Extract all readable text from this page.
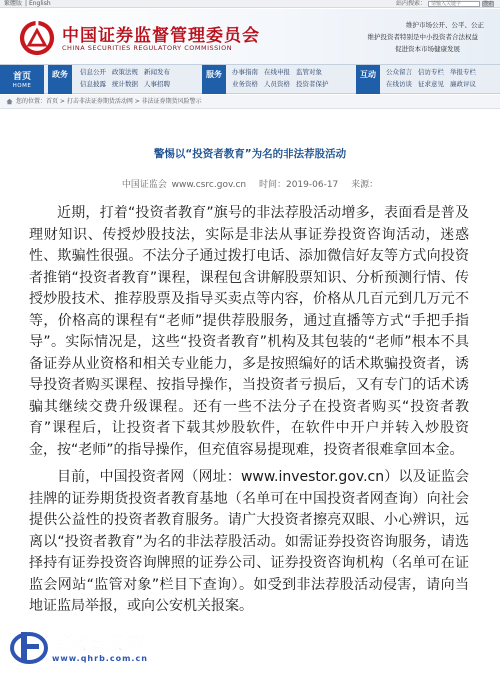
繁體版 | English	站内搜索：	请输入关键字	搜索
中国证券监督管理委员会
CHINA SECURITIES REGULATORY COMMISSION
维护市场公开、公平、公正
维护投资者特别是中小投资者合法权益
促进资本市场健康发展
首页
HOME
政务	信息公开 政策法规 新闻发布
信息披露 统计数据 人事招聘
服务	办事指南 在线申报 监管对象
业务资格 人员资格 投资者保护
互动	公众留言 信访专栏 举报专栏
在线访谈 征求意见 廉政评议
您的位置：首页 > 打击非法证券期货活动网 > 非法证券期货风险警示
警惕以“投资者教育”为名的非法荐股活动
中国证监会 www.csrc.gov.cn 时间：2019-06-17 来源：

近期，打着“投资者教育”旗号的非法荐股活动增多，表面看是普及理财知识、传授炒股技法，实际是非法从事证券投资咨询活动，迷惑性、欺骗性很强。不法分子通过拨打电话、添加微信好友等方式向投资者推销“投资者教育”课程，课程包含讲解股票知识、分析预测行情、传授炒股技术、推荐股票及指导买卖点等内容，价格从几百元到几万元不等，价格高的课程有“老师”提供荐股服务，通过直播等方式“手把手指导”。实际情况是，这些“投资者教育”机构及其包装的“老师”根本不具备证券从业资格和相关专业能力，多是按照编好的话术欺骗投资者，诱导投资者购买课程、按指导操作，当投资者亏损后，又有专门的话术诱骗其继续交费升级课程。还有一些不法分子在投资者购买“投资者教育”课程后，让投资者下载其炒股软件，在软件中开户并转入炒股资金，按“老师”的指导操作，但充值容易提现难，投资者很难拿回本金。

目前，中国投资者网（网址：www.investor.gov.cn）以及证监会挂牌的证券期货投资者教育基地（名单可在中国投资者网查询）向社会提供公益性的投资者教育服务。请广大投资者擦亮双眼、小心辨识，远离以“投资者教育”为名的非法荐股活动。如需证券投资咨询服务，请选择持有证券投资咨询牌照的证券公司、证券投资咨询机构（名单可在证监会网站“监管对象”栏目下查询）。如受到非法荐股活动侵害，请向当地证监局举报，或向公安机关报案。

期货日报网
www.qhrb.com.cn
